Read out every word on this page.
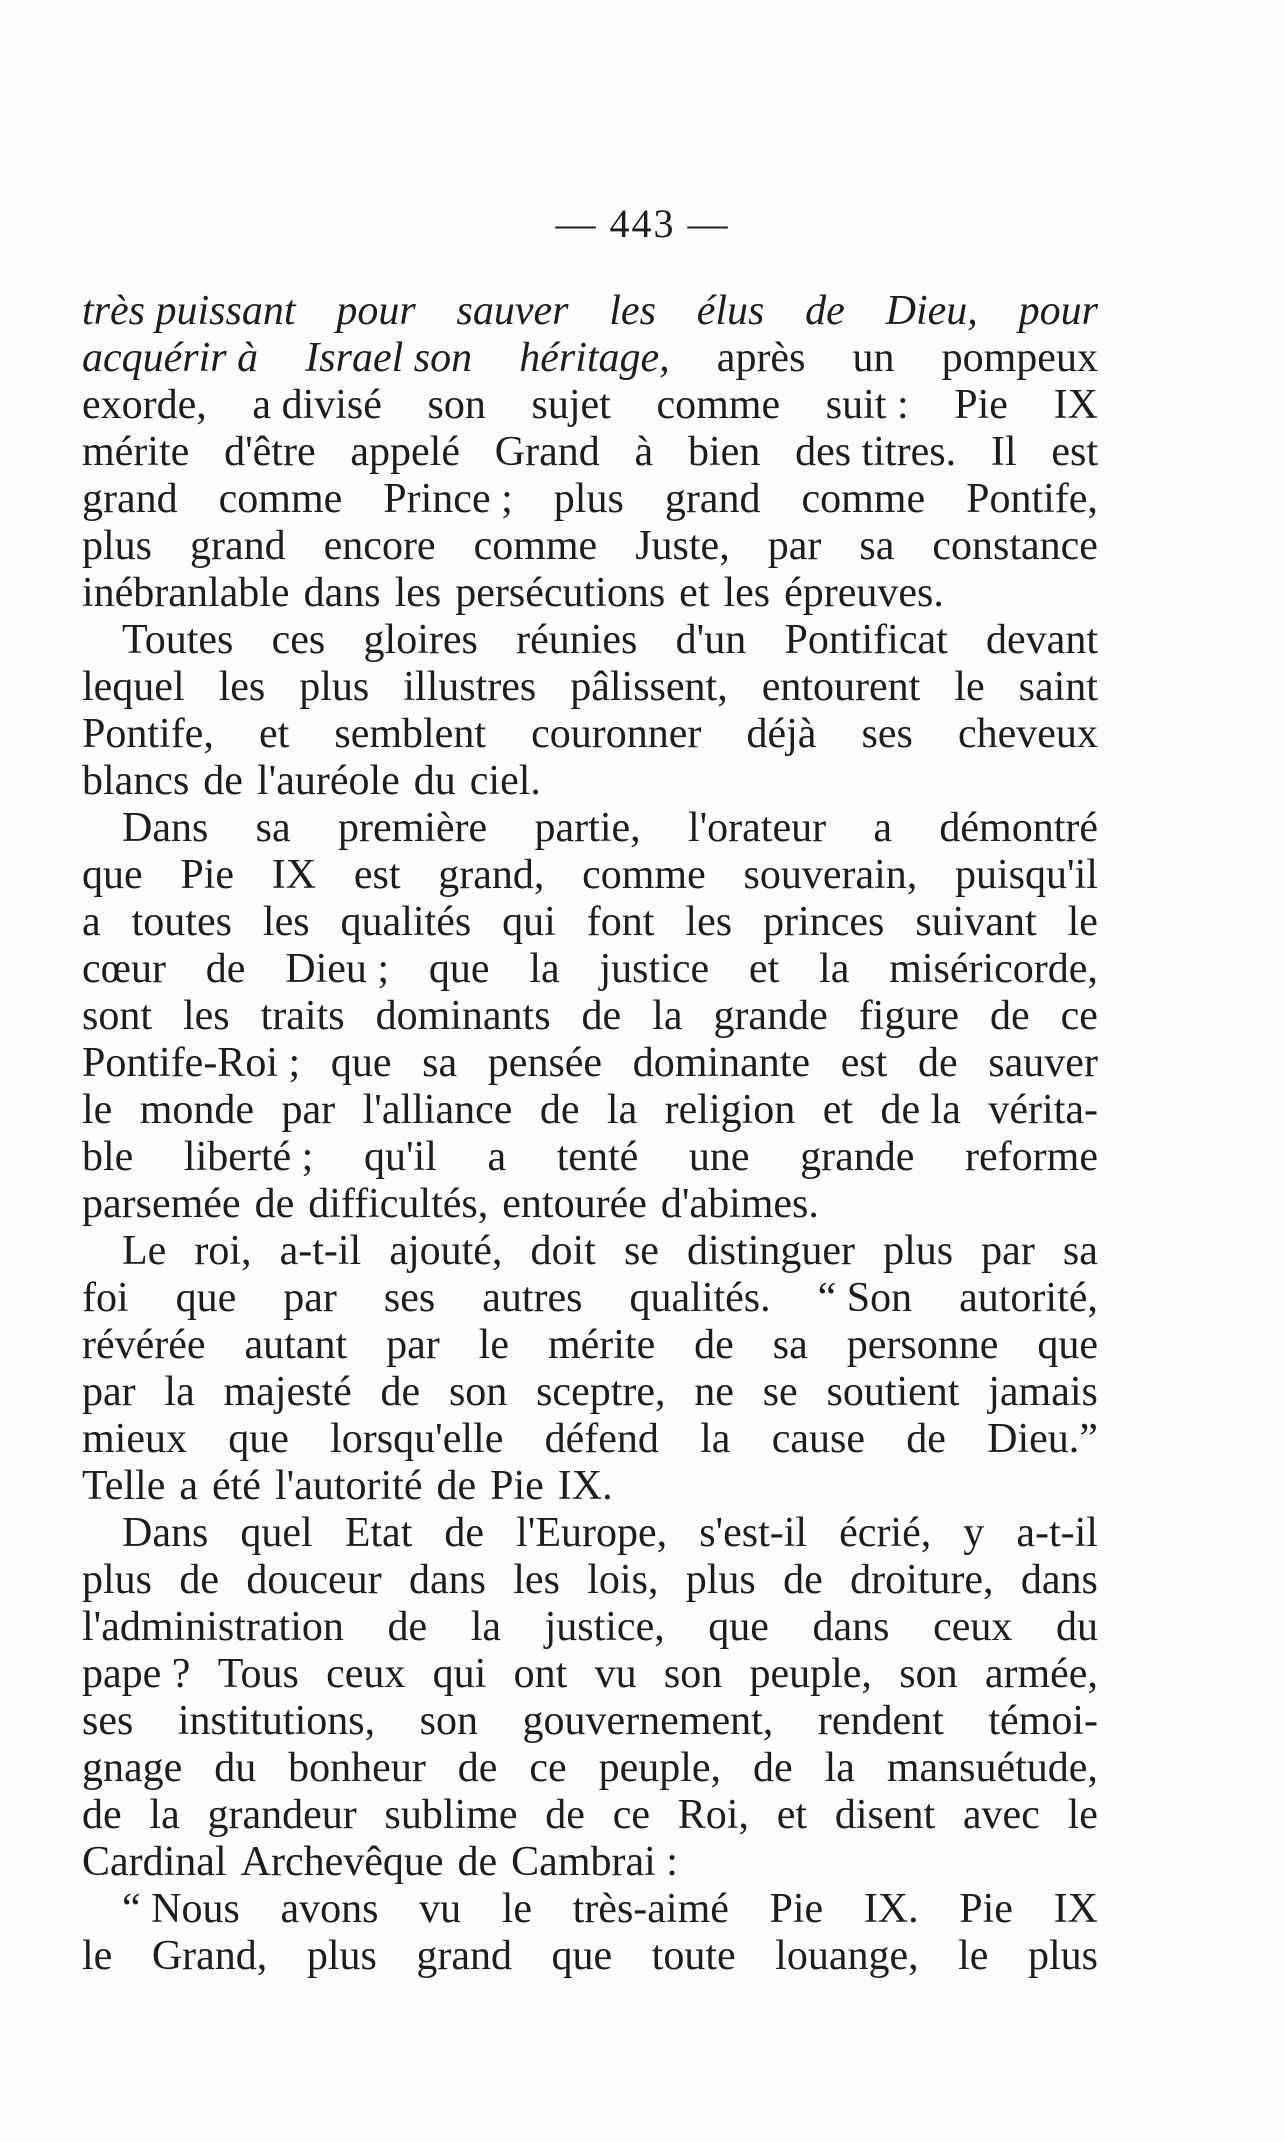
— 443 —
très puissant pour sauver les élus de Dieu, pour
acquérir à Israel son héritage, après un pompeux
exorde, a divisé son sujet comme suit : Pie IX
mérite d'être appelé Grand à bien des titres. Il est
grand comme Prince ; plus grand comme Pontife,
plus grand encore comme Juste, par sa constance
inébranlable dans les persécutions et les épreuves.
Toutes ces gloires réunies d'un Pontificat devant
lequel les plus illustres pâlissent, entourent le saint
Pontife, et semblent couronner déjà ses cheveux
blancs de l'auréole du ciel.
Dans sa première partie, l'orateur a démontré
que Pie IX est grand, comme souverain, puisqu'il
a toutes les qualités qui font les princes suivant le
cœur de Dieu ; que la justice et la miséricorde,
sont les traits dominants de la grande figure de ce
Pontife-Roi ; que sa pensée dominante est de sauver
le monde par l'alliance de la religion et de la vérita-
ble liberté ; qu'il a tenté une grande reforme
parsemée de difficultés, entourée d'abimes.
Le roi, a-t-il ajouté, doit se distinguer plus par sa
foi que par ses autres qualités. “ Son autorité,
révérée autant par le mérite de sa personne que
par la majesté de son sceptre, ne se soutient jamais
mieux que lorsqu'elle défend la cause de Dieu.”
Telle a été l'autorité de Pie IX.
Dans quel Etat de l'Europe, s'est-il écrié, y a-t-il
plus de douceur dans les lois, plus de droiture, dans
l'administration de la justice, que dans ceux du
pape ? Tous ceux qui ont vu son peuple, son armée,
ses institutions, son gouvernement, rendent témoi-
gnage du bonheur de ce peuple, de la mansuétude,
de la grandeur sublime de ce Roi, et disent avec le
Cardinal Archevêque de Cambrai :
“ Nous avons vu le très-aimé Pie IX. Pie IX
le Grand, plus grand que toute louange, le plus
